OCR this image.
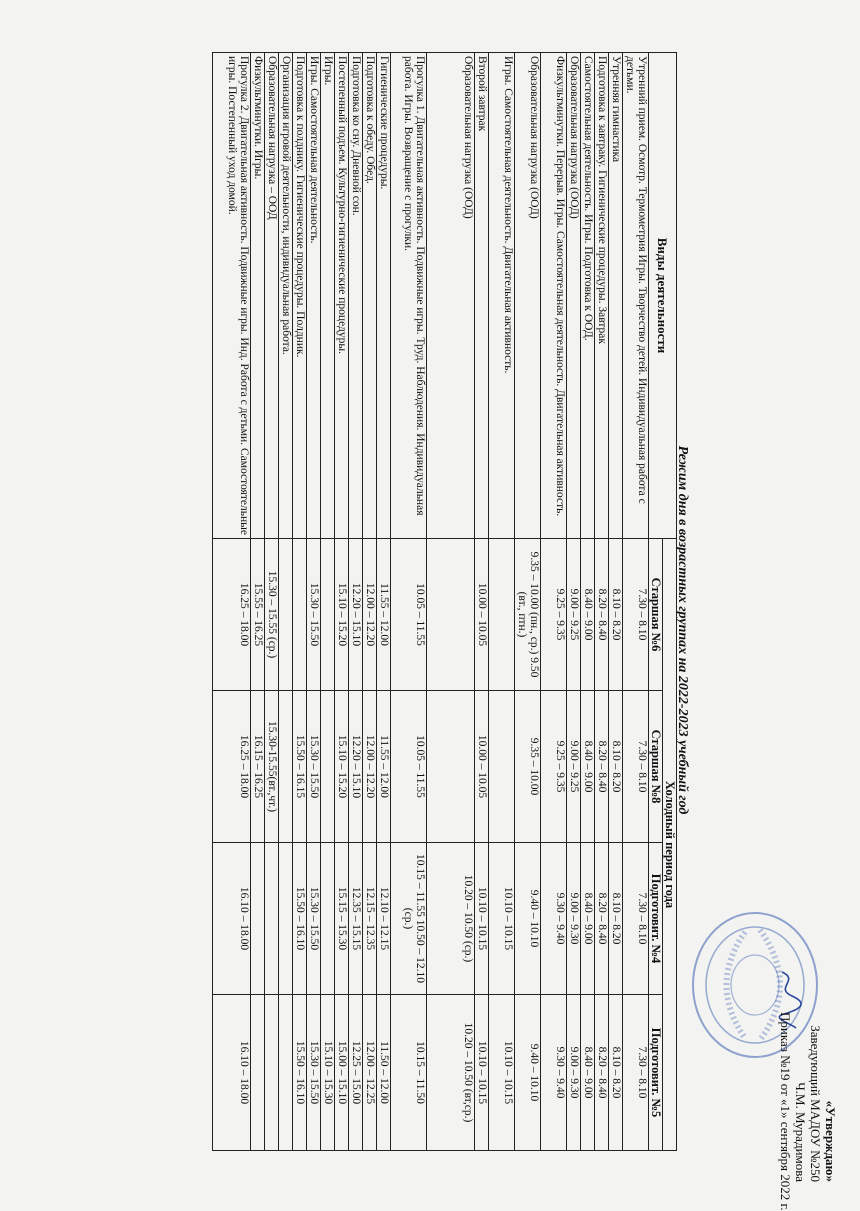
«Утверждаю»
Заведующий МАДОУ №250
Ч.М. Мурадимова
Приказ №19 от «1» сентября 2022 г.
Режим дня в возрастных группах на 2022-2023 учебный год
Виды деятельности	Холодный период года			
	Старшая №6	Старшая №8	Подготовит. №4	Подготовит. №5
Утренний прием. Осмотр. Термометрия Игры. Творчество детей. Индивидуальная работа с детьми.	7.30 – 8.10	7.30 – 8.10	7.30 – 8.10	7.30 – 8.10
Утренняя гимнастика	8.10 – 8.20	8.10 – 8.20	8.10 – 8.20	8.10 – 8.20
Подготовка к завтраку. Гигиенические процедуры. Завтрак	8.20 – 8.40	8.20 – 8.40	8.20 – 8.40	8.20 – 8.40
Самостоятельная деятельность. Игры. Подготовка к ООД.	8.40 – 9.00	8.40 – 9.00	8.40 – 9.00	8.40 – 9.00
Образовательная нагрузка (ООД)	9.00 – 9.25	9.00 – 9.25	9.00 – 9.30	9.00 – 9.30
Физкультминутки. Перерыв. Игры. Самостоятельная деятельность. Двигательная активность.	9.25 – 9.35	9.25 – 9.35	9.30 – 9.40	9.30 – 9.40
Образовательная нагрузка (ООД)	9.35 – 10.00 (пн., ср.) 9.50 (вт., птн.)	9.35 – 10.00	9.40 – 10.10	9.40 – 10.10
Игры. Самостоятельная деятельность. Двигательная активность.			10.10 – 10.15	10.10 – 10.15
Второй завтрак	10.00 – 10.05	10.00 – 10.05	10.10 – 10.15	10.10 – 10.15
Образовательная нагрузка (ООД)			10.20 – 10.50 (ср.)	10.20 – 10.50 (вт,ср.)
Прогулка 1. Двигательная активность. Подвижные игры. Труд. Наблюдения. Индивидуальная работа. Игры. Возвращение с прогулки.	10.05 – 11.55	10.05 – 11.55	10.15 – 11.55 10.50 – 12.10 (ср.)	10.15 – 11.50
Гигиенические процедуры.	11.55 – 12.00	11.55 – 12.00	12.10 – 12.15	11.50 – 12.00
Подготовка к обеду. Обед.	12.00 – 12.20	12.00 – 12.20	12.15 – 12.35	12.00 – 12.25
Подготовка ко сну. Дневной сон.	12.20 – 15.10	12.20 – 15.10	12.35 – 15.15	12.25 – 15.00
Постепенный подъем. Культурно-гигиенические процедуры.	15.10 – 15.20	15.10 – 15.20	15.15 – 15.30	15.00 – 15.10
Игры.				15.10 – 15.30
Игры. Самостоятельная деятельность.	15.30 – 15.50	15.30 – 15.50	15.30 – 15.50	15.30 – 15.50
Подготовка к полднику. Гигиенические процедуры. Полдник.		15.50 – 16.15	15.50 – 16.10	15.50 – 16.10
Организация игровой деятельности, индивидуальная работа.				
Образовательная нагрузка – ООД	15.30 – 15.55 (ср.)	15.30-15.55(вт.,чт.)		
Физкультминутки. Игры.	15.55 – 16.25	16.15 – 16.25		
Прогулка 2. Двигательная активность. Подвижные игры. Инд. Работа с детьми. Самостоятельные игры. Постепенный уход домой.	16.25 – 18.00	16.25 – 18.00	16.10 – 18.00	16.10 – 18.00
